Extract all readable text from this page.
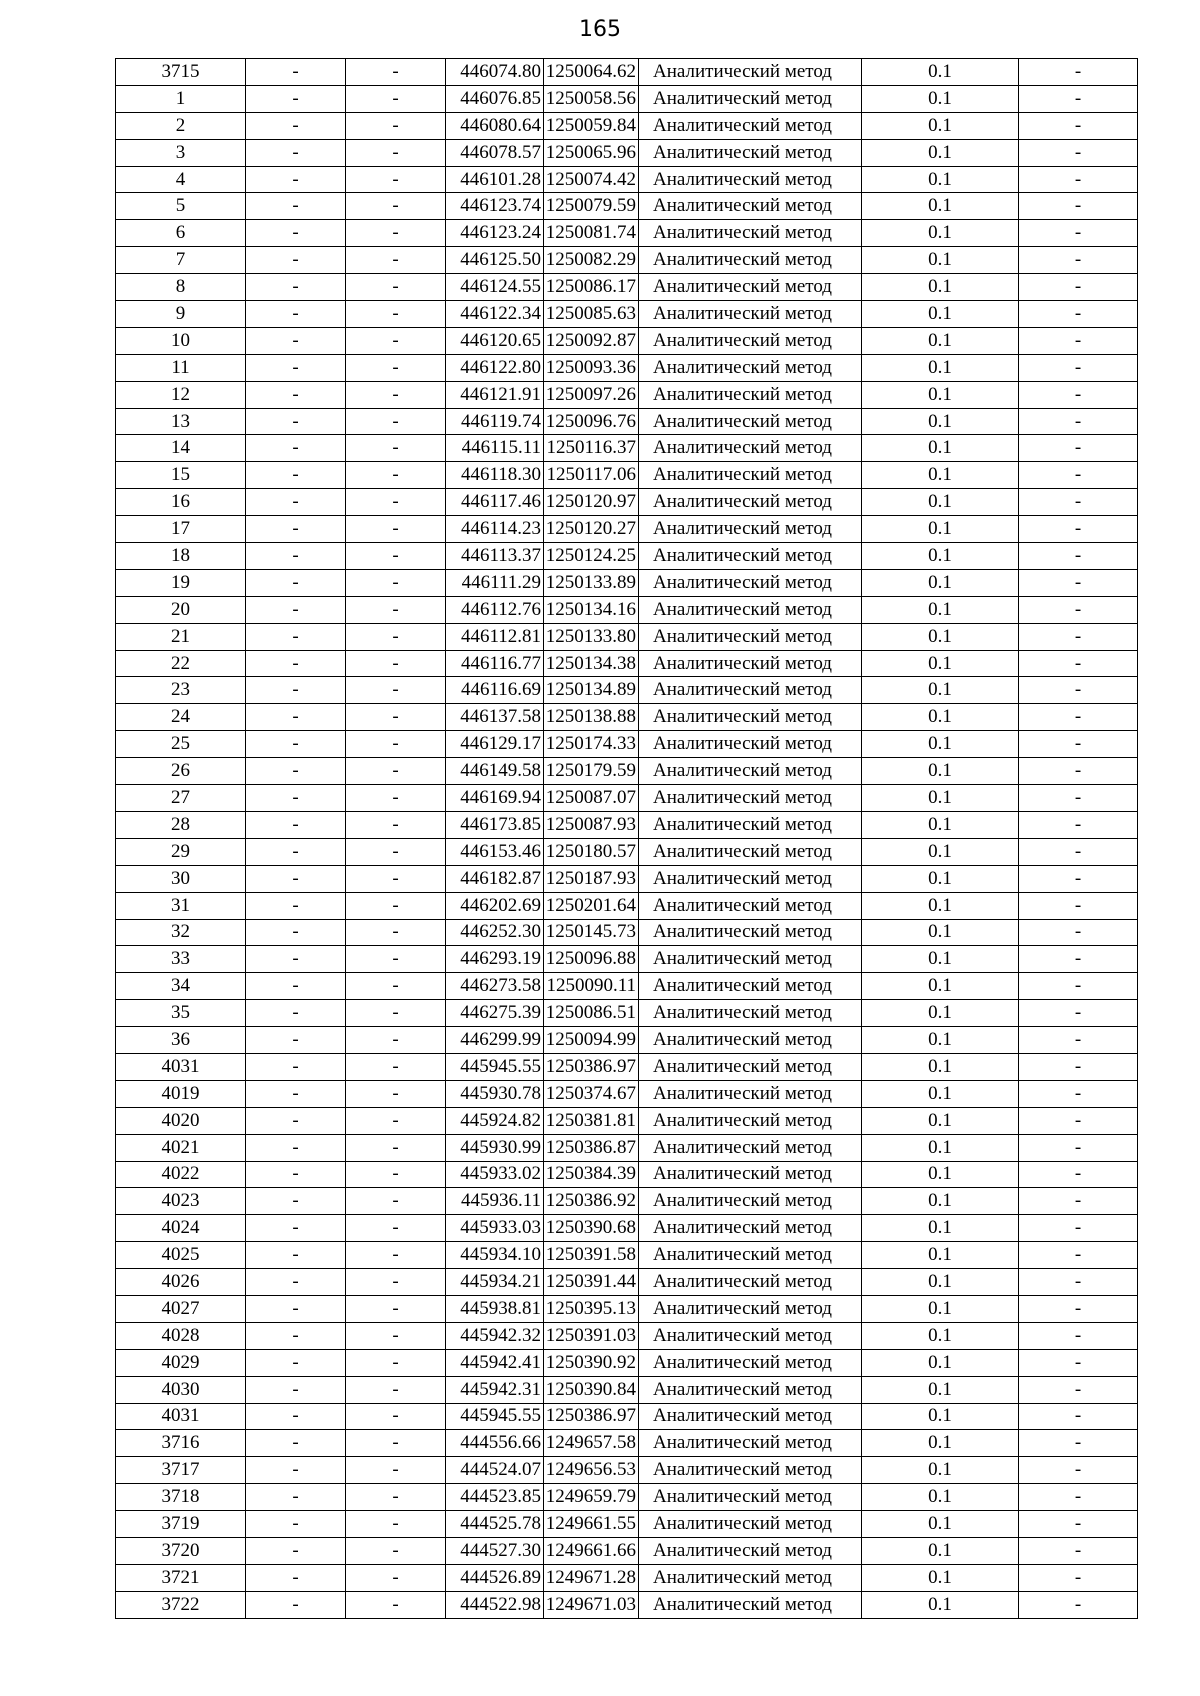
165
3715	-	-	446074.80	1250064.62	Аналитический метод	0.1	-
1	-	-	446076.85	1250058.56	Аналитический метод	0.1	-
2	-	-	446080.64	1250059.84	Аналитический метод	0.1	-
3	-	-	446078.57	1250065.96	Аналитический метод	0.1	-
4	-	-	446101.28	1250074.42	Аналитический метод	0.1	-
5	-	-	446123.74	1250079.59	Аналитический метод	0.1	-
6	-	-	446123.24	1250081.74	Аналитический метод	0.1	-
7	-	-	446125.50	1250082.29	Аналитический метод	0.1	-
8	-	-	446124.55	1250086.17	Аналитический метод	0.1	-
9	-	-	446122.34	1250085.63	Аналитический метод	0.1	-
10	-	-	446120.65	1250092.87	Аналитический метод	0.1	-
11	-	-	446122.80	1250093.36	Аналитический метод	0.1	-
12	-	-	446121.91	1250097.26	Аналитический метод	0.1	-
13	-	-	446119.74	1250096.76	Аналитический метод	0.1	-
14	-	-	446115.11	1250116.37	Аналитический метод	0.1	-
15	-	-	446118.30	1250117.06	Аналитический метод	0.1	-
16	-	-	446117.46	1250120.97	Аналитический метод	0.1	-
17	-	-	446114.23	1250120.27	Аналитический метод	0.1	-
18	-	-	446113.37	1250124.25	Аналитический метод	0.1	-
19	-	-	446111.29	1250133.89	Аналитический метод	0.1	-
20	-	-	446112.76	1250134.16	Аналитический метод	0.1	-
21	-	-	446112.81	1250133.80	Аналитический метод	0.1	-
22	-	-	446116.77	1250134.38	Аналитический метод	0.1	-
23	-	-	446116.69	1250134.89	Аналитический метод	0.1	-
24	-	-	446137.58	1250138.88	Аналитический метод	0.1	-
25	-	-	446129.17	1250174.33	Аналитический метод	0.1	-
26	-	-	446149.58	1250179.59	Аналитический метод	0.1	-
27	-	-	446169.94	1250087.07	Аналитический метод	0.1	-
28	-	-	446173.85	1250087.93	Аналитический метод	0.1	-
29	-	-	446153.46	1250180.57	Аналитический метод	0.1	-
30	-	-	446182.87	1250187.93	Аналитический метод	0.1	-
31	-	-	446202.69	1250201.64	Аналитический метод	0.1	-
32	-	-	446252.30	1250145.73	Аналитический метод	0.1	-
33	-	-	446293.19	1250096.88	Аналитический метод	0.1	-
34	-	-	446273.58	1250090.11	Аналитический метод	0.1	-
35	-	-	446275.39	1250086.51	Аналитический метод	0.1	-
36	-	-	446299.99	1250094.99	Аналитический метод	0.1	-
4031	-	-	445945.55	1250386.97	Аналитический метод	0.1	-
4019	-	-	445930.78	1250374.67	Аналитический метод	0.1	-
4020	-	-	445924.82	1250381.81	Аналитический метод	0.1	-
4021	-	-	445930.99	1250386.87	Аналитический метод	0.1	-
4022	-	-	445933.02	1250384.39	Аналитический метод	0.1	-
4023	-	-	445936.11	1250386.92	Аналитический метод	0.1	-
4024	-	-	445933.03	1250390.68	Аналитический метод	0.1	-
4025	-	-	445934.10	1250391.58	Аналитический метод	0.1	-
4026	-	-	445934.21	1250391.44	Аналитический метод	0.1	-
4027	-	-	445938.81	1250395.13	Аналитический метод	0.1	-
4028	-	-	445942.32	1250391.03	Аналитический метод	0.1	-
4029	-	-	445942.41	1250390.92	Аналитический метод	0.1	-
4030	-	-	445942.31	1250390.84	Аналитический метод	0.1	-
4031	-	-	445945.55	1250386.97	Аналитический метод	0.1	-
3716	-	-	444556.66	1249657.58	Аналитический метод	0.1	-
3717	-	-	444524.07	1249656.53	Аналитический метод	0.1	-
3718	-	-	444523.85	1249659.79	Аналитический метод	0.1	-
3719	-	-	444525.78	1249661.55	Аналитический метод	0.1	-
3720	-	-	444527.30	1249661.66	Аналитический метод	0.1	-
3721	-	-	444526.89	1249671.28	Аналитический метод	0.1	-
3722	-	-	444522.98	1249671.03	Аналитический метод	0.1	-
